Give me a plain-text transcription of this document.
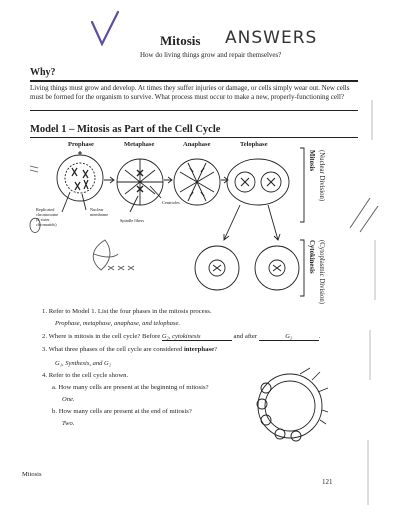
Mitosis ANSWERS
How do living things grow and repair themselves?
Why?
Living things must grow and develop. At times they suffer injuries or damage, or cells simply wear out. New cells must be formed for the organism to survive. What process must occur to make a new, properly-functioning cell?
Model 1 – Mitosis as Part of the Cell Cycle
Prophase	Metaphase	Anaphase	Telophase
Replicated
chromosome
(2 sister
chromatids)
Nuclear
membrane
Centrioles
Spindle fibers
Mitosis (Nuclear Division)
Cytokinesis (Cytoplasmic Division)
1. Refer to Model 1. List the four phases in the mitosis process.
Prophase, metaphase, anaphase, and telophase.
2. Where is mitosis in the cell cycle? Before G₂, cytokinesis	and after	G₂	.
3. What three phases of the cell cycle are considered interphase?
G₁, Synthesis, and G₂
4. Refer to the cell cycle shown.
a. How many cells are present at the beginning of mitosis?
One.
b. How many cells are present at the end of mitosis?
Two.
Mitosis
121
